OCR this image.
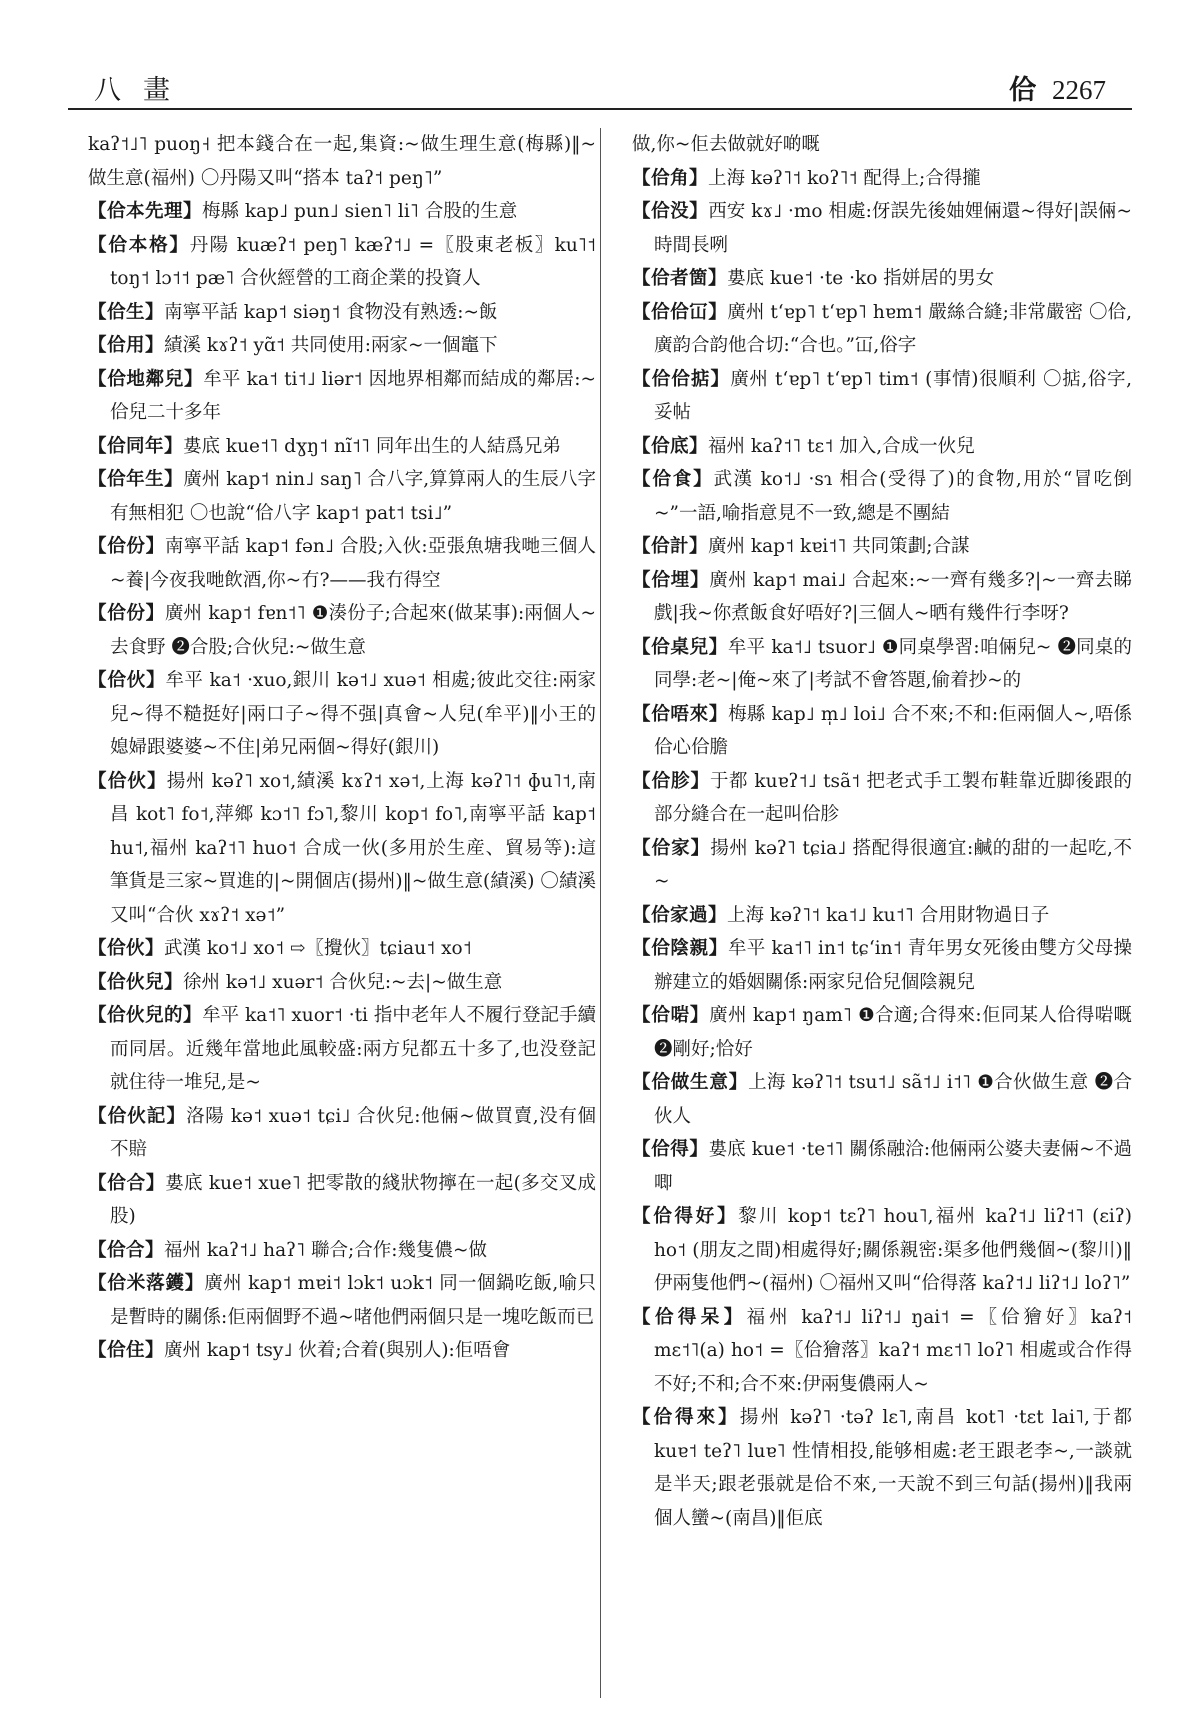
八畫	佮 2267

kaʔ˦˩˥ puoŋ˧ 把本錢合在一起,集資:~做生理生意(梅縣)‖~做生意(福州) 〇丹陽又叫“搭本 taʔ˦ peŋ˥”

【佮本先理】梅縣 kap˩ pun˩ sien˥ li˥ 合股的生意

【佮本格】丹陽 kuæʔ˦ peŋ˥ kæʔ˦˩ =〖股東老板〗ku˥˦ toŋ˦ lɔ˦˦ pæ˥ 合伙經營的工商企業的投資人

【佮生】南寧平話 kap˦ siəŋ˦ 食物没有熟透:~飯

【佮用】績溪 kɤʔ˦ yɑ̃˦ 共同使用:兩家~一個竈下

【佮地鄰兒】牟平 ka˦ ti˦˩ liər˦ 因地界相鄰而結成的鄰居:~佮兒二十多年

【佮同年】婁底 kue˦˥ dɣŋ˦ nĩ˦˥ 同年出生的人結爲兄弟

【佮年生】廣州 kap˦ nin˩ saŋ˥ 合八字,算算兩人的生辰八字有無相犯 〇也說“佮八字 kap˦ pat˦ tsi˩”

【佮份】南寧平話 kap˦ fən˩ 合股;入伙:亞張魚塘我哋三個人~養|今夜我哋飲酒,你~冇?——我冇得空

【佮份】廣州 kap˦ fɐn˦˥ ❶湊份子;合起來(做某事):兩個人~去食野 ❷合股;合伙兒:~做生意

【佮伙】牟平 ka˦ ·xuo,銀川 kə˦˩ xuə˦ 相處;彼此交往:兩家兒~得不糙挺好|兩口子~得不强|真會~人兒(牟平)‖小王的媳婦跟婆婆~不住|弟兄兩個~得好(銀川)

【佮伙】揚州 kəʔ˥ xo˦,績溪 kɤʔ˦ xə˦,上海 kəʔ˥˦ ɸu˥˦,南昌 kot˥ fo˦,萍鄉 kɔ˦˥ fɔ˥,黎川 kop˦ fo˥,南寧平話 kap˦ hu˦,福州 kaʔ˦˥ huo˦ 合成一伙(多用於生産、貿易等):這筆貨是三家~買進的|~開個店(揚州)‖~做生意(績溪) 〇績溪又叫“合伙 xɤʔ˦ xə˦”

【佮伙】武漢 ko˦˩ xo˦ ⇨〖攪伙〗tɕiau˦ xo˦

【佮伙兒】徐州 kə˦˩ xuər˦ 合伙兒:~去|~做生意

【佮伙兒的】牟平 ka˦˥ xuor˦ ·ti 指中老年人不履行登記手續而同居。近幾年當地此風較盛:兩方兒都五十多了,也没登記就住待一堆兒,是~

【佮伙記】洛陽 kə˦ xuə˦ tɕi˩ 合伙兒:他倆~做買賣,没有個不賠

【佮合】婁底 kue˦ xue˥ 把零散的綫狀物擰在一起(多交叉成股)

【佮合】福州 kaʔ˦˩ haʔ˥ 聯合;合作:幾隻儂~做

【佮米落鑊】廣州 kap˦ mɐi˦ lɔk˦ uɔk˦ 同一個鍋吃飯,喻只是暫時的關係:佢兩個野不過~啫他們兩個只是一塊吃飯而已

【佮住】廣州 kap˦ tsy˩ 伙着;合着(與别人):佢唔會

做,你~佢去做就好啲嘅

【佮角】上海 kəʔ˥˦ koʔ˥˦ 配得上;合得攏

【佮没】西安 kɤ˩ ·mo 相處:伢誤先後妯娌倆還~得好|誤倆~時間長咧

【佮者箇】婁底 kue˦ ·te ·ko 指姘居的男女

【佮佮冚】廣州 tʻɐp˥ tʻɐp˥ hɐm˦ 嚴絲合縫;非常嚴密 〇佮,廣韵合韵他合切:“合也。”冚,俗字

【佮佮掂】廣州 tʻɐp˥ tʻɐp˥ tim˦ (事情)很順利 〇掂,俗字,妥帖

【佮底】福州 kaʔ˦˥ tɛ˦ 加入,合成一伙兒

【佮食】武漢 ko˦˩ ·sɿ 相合(受得了)的食物,用於“冒吃倒~”一語,喻指意見不一致,總是不團結

【佮計】廣州 kap˦ kɐi˦˥ 共同策劃;合謀

【佮埋】廣州 kap˦ mai˩ 合起來:~一齊有幾多?|~一齊去睇戲|我~你煮飯食好唔好?|三個人~晒有幾件行李呀?

【佮桌兒】牟平 ka˦˩ tsuor˩ ❶同桌學習:咱倆兒~ ❷同桌的同學:老~|俺~來了|考試不會答題,偷着抄~的

【佮唔來】梅縣 kap˩ m̩˩ loi˩ 合不來;不和:佢兩個人~,唔係佮心佮膽

【佮胗】于都 kuɐʔ˦˩ tsã˦ 把老式手工製布鞋靠近脚後跟的部分縫合在一起叫佮胗

【佮家】揚州 kəʔ˥ tɕia˩ 搭配得很適宜:鹹的甜的一起吃,不~

【佮家過】上海 kəʔ˥˦ ka˦˩ ku˦˥ 合用財物過日子

【佮陰親】牟平 ka˦˥ in˦ tɕʻin˦ 青年男女死後由雙方父母操辦建立的婚姻關係:兩家兒佮兒個陰親兒

【佮啱】廣州 kap˦ ŋam˥ ❶合適;合得來:佢同某人佮得啱嘅 ❷剛好;恰好

【佮做生意】上海 kəʔ˥˦ tsu˦˩ sã˦˩ i˦˥ ❶合伙做生意 ❷合伙人

【佮得】婁底 kue˦ ·te˦˥ 關係融洽:他倆兩公婆夫妻倆~不過唧

【佮得好】黎川 kop˦ tɛʔ˥ hou˥,福州 kaʔ˦˩ liʔ˦˥ (ɛiʔ) ho˦ (朋友之間)相處得好;關係親密:渠多他們幾個~(黎川)‖伊兩隻他們~(福州) 〇福州又叫“佮得落 kaʔ˦˩ liʔ˦˩ loʔ˥”

【佮得呆】福州 kaʔ˦˩ liʔ˦˩ ŋai˦ =〖佮獪好〗kaʔ˦ mɛ˦˥(a) ho˦ =〖佮獪落〗kaʔ˦ mɛ˦˥ loʔ˥ 相處或合作得不好;不和;合不來:伊兩隻儂兩人~

【佮得來】揚州 kəʔ˥ ·təʔ lɛ˥,南昌 kot˥ ·tɛt lai˥,于都 kuɐ˦ teʔ˥ luɐ˥ 性情相投,能够相處:老王跟老李~,一談就是半天;跟老張就是佮不來,一天說不到三句話(揚州)‖我兩個人蠻~(南昌)‖佢底
